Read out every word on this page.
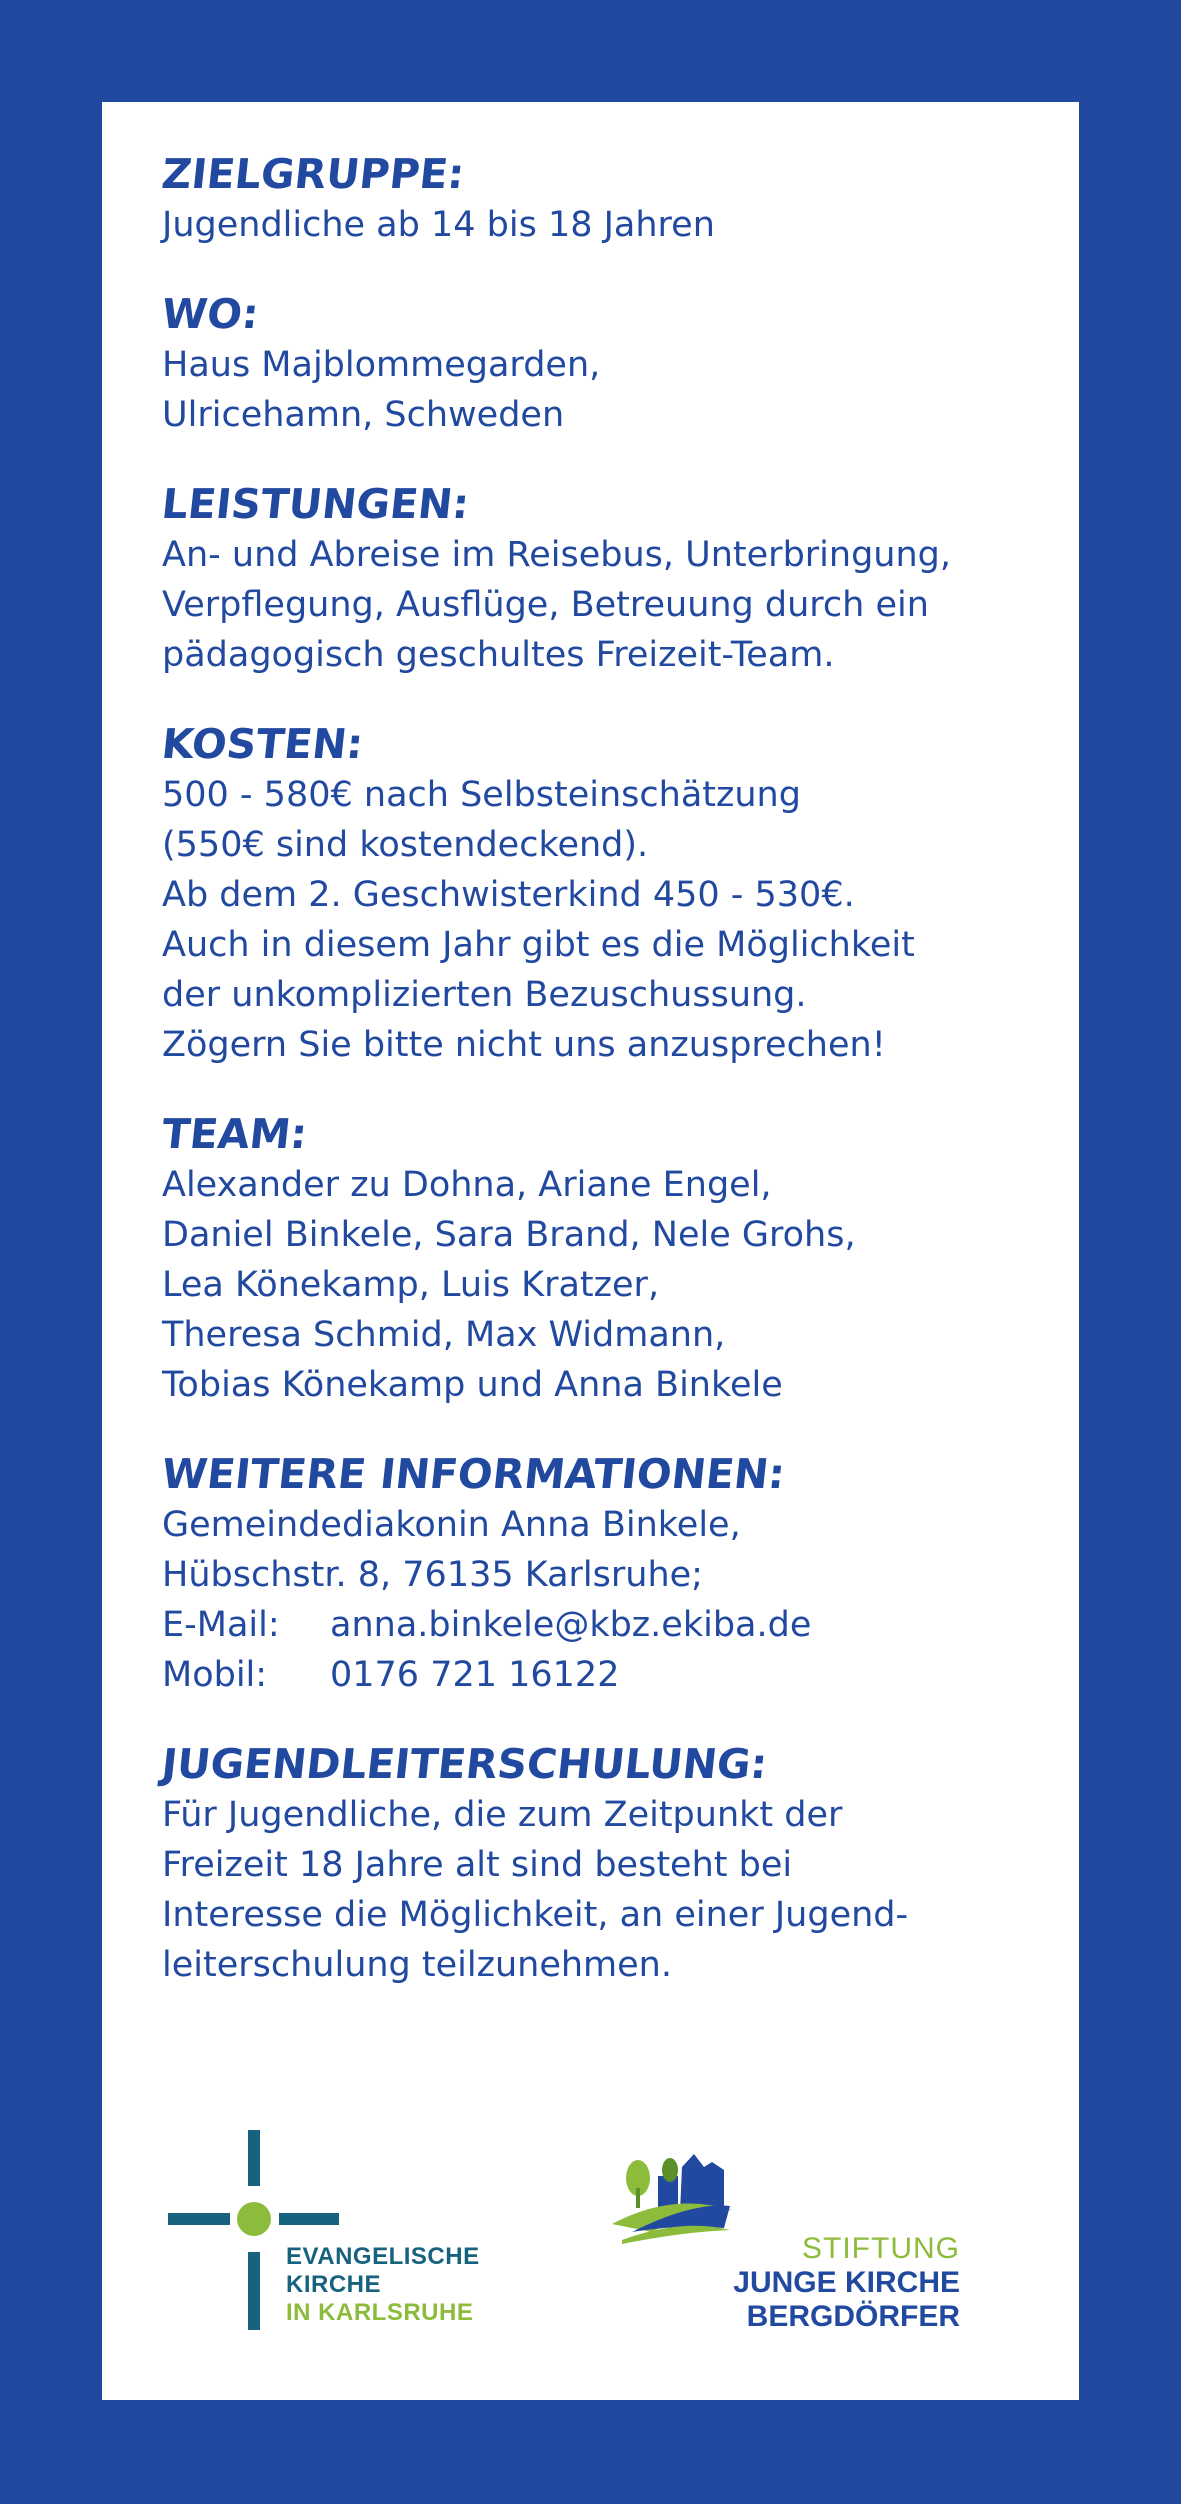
ZIELGRUPPE:
Jugendliche ab 14 bis 18 Jahren
WO:
Haus Majblommegarden,
Ulricehamn, Schweden
LEISTUNGEN:
An- und Abreise im Reisebus, Unterbringung,
Verpflegung, Ausflüge, Betreuung durch ein
pädagogisch geschultes Freizeit-Team.
KOSTEN:
500 - 580€ nach Selbsteinschätzung
(550€ sind kostendeckend).
Ab dem 2. Geschwisterkind 450 - 530€.
Auch in diesem Jahr gibt es die Möglichkeit
der unkomplizierten Bezuschussung.
Zögern Sie bitte nicht uns anzusprechen!
TEAM:
Alexander zu Dohna, Ariane Engel,
Daniel Binkele, Sara Brand, Nele Grohs,
Lea Könekamp, Luis Kratzer,
Theresa Schmid, Max Widmann,
Tobias Könekamp und Anna Binkele
WEITERE INFORMATIONEN:
Gemeindediakonin Anna Binkele,
Hübschstr. 8, 76135 Karlsruhe;
E-Mail:	anna.binkele@kbz.ekiba.de
Mobil:	0176 721 16122
JUGENDLEITERSCHULUNG:
Für Jugendliche, die zum Zeitpunkt der
Freizeit 18 Jahre alt sind besteht bei
Interesse die Möglichkeit, an einer Jugend-
leiterschulung teilzunehmen.
EVANGELISCHE
KIRCHE
IN KARLSRUHE
STIFTUNG
JUNGE KIRCHE
BERGDÖRFER
